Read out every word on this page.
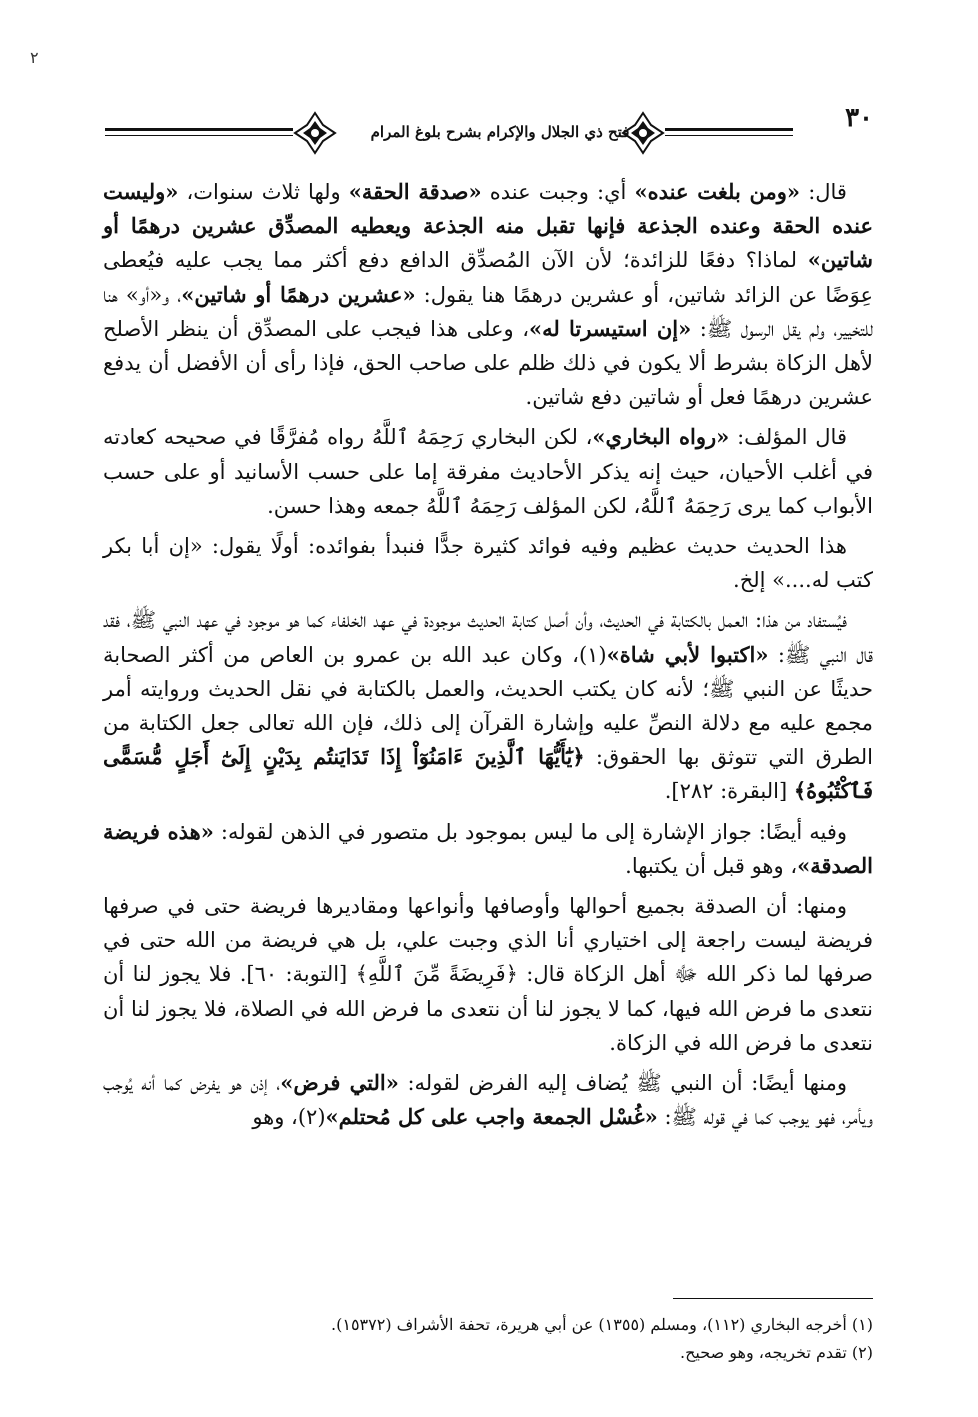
٢
٣٠
فتح ذي الجلال والإكرام بشرح بلوغ المرام

قال: «ومن بلغت عنده» أي: وجبت عنده «صدقة الحقة» ولها ثلاث سنوات، «وليست عنده الحقة وعنده الجذعة فإنها تقبل منه الجذعة ويعطيه المصدِّق عشرين درهمًا أو شاتين» لماذا؟ دفعًا للزائدة؛ لأن الآن المُصدِّق الدافع دفع أكثر مما يجب عليه فيُعطى عِوَضًا عن الزائد شاتين، أو عشرين درهمًا هنا يقول: «عشرين درهمًا أو شاتين»، و«أو» هنا للتخيير، ولم يقل الرسول ﷺ: «إن استيسرتا له»، وعلى هذا فيجب على المصدِّق أن ينظر الأصلح لأهل الزكاة بشرط ألا يكون في ذلك ظلم على صاحب الحق، فإذا رأى أن الأفضل أن يدفع عشرين درهمًا فعل أو شاتين دفع شاتين.

قال المؤلف: «رواه البخاري»، لكن البخاري رَحِمَهُ ٱللَّهُ رواه مُفرَّقًا في صحيحه كعادته في أغلب الأحيان، حيث إنه يذكر الأحاديث مفرقة إما على حسب الأسانيد أو على حسب الأبواب كما يرى رَحِمَهُ ٱللَّهُ، لكن المؤلف رَحِمَهُ ٱللَّهُ جمعه وهذا حسن.

هذا الحديث حديث عظيم وفيه فوائد كثيرة جدًّا فنبدأ بفوائده: أولًا يقول: «إن أبا بكر كتب له....» إلخ.

فيُستفاد من هذا: العمل بالكتابة في الحديث، وأن أصل كتابة الحديث موجودة في عهد الخلفاء كما هو موجود في عهد النبي ﷺ، فقد قال النبي ﷺ: «اكتبوا لأبي شاة»(١)، وكان عبد الله بن عمرو بن العاص من أكثر الصحابة حديثًا عن النبي ﷺ؛ لأنه كان يكتب الحديث، والعمل بالكتابة في نقل الحديث وروايته أمر مجمع عليه مع دلالة النصِّ عليه وإشارة القرآن إلى ذلك، فإن الله تعالى جعل الكتابة من الطرق التي تتوثق بها الحقوق: ﴿يَٰٓأَيُّهَا ٱلَّذِينَ ءَامَنُوٓاْ إِذَا تَدَايَنتُم بِدَيْنٍ إِلَىٰٓ أَجَلٍ مُّسَمًّى فَٱكْتُبُوهُ﴾ [البقرة: ٢٨٢].

وفيه أيضًا: جواز الإشارة إلى ما ليس بموجود بل متصور في الذهن لقوله: «هذه فريضة الصدقة»، وهو قبل أن يكتبها.

ومنها: أن الصدقة بجميع أحوالها وأوصافها وأنواعها ومقاديرها فريضة حتى في صرفها فريضة ليست راجعة إلى اختياري أنا الذي وجبت علي، بل هي فريضة من الله حتى في صرفها لما ذكر الله ﷻ أهل الزكاة قال: ﴿فَرِيضَةً مِّنَ ٱللَّهِ﴾ [التوبة: ٦٠]. فلا يجوز لنا أن نتعدى ما فرض الله فيها، كما لا يجوز لنا أن نتعدى ما فرض الله في الصلاة، فلا يجوز لنا أن نتعدى ما فرض الله في الزكاة.

ومنها أيضًا: أن النبي ﷺ يُضاف إليه الفرض لقوله: «التي فرض»، إذن هو يفرض كما أنه يُوجب ويأمر، فهو يوجب كما في قوله ﷺ: «غُسْل الجمعة واجب على كل مُحتلم»(٢)، وهو

(١) أخرجه البخاري (١١٢)، ومسلم (١٣٥٥) عن أبي هريرة، تحفة الأشراف (١٥٣٧٢).
(٢) تقدم تخريجه، وهو صحيح.
